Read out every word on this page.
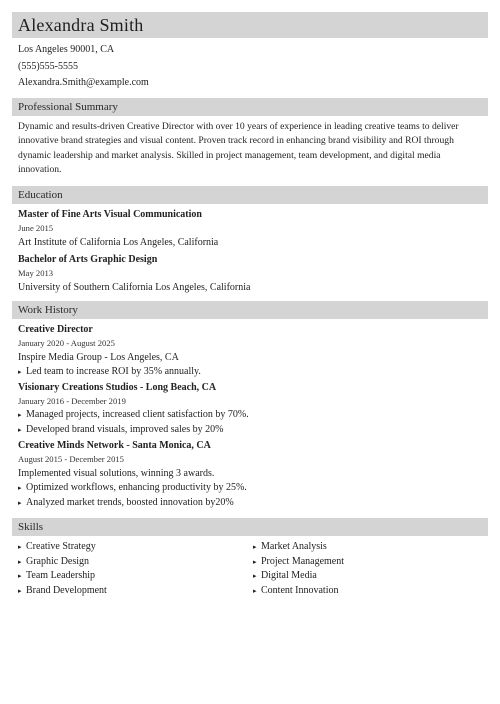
Alexandra Smith
Los Angeles 90001, CA
(555)555-5555
Alexandra.Smith@example.com
Professional Summary

Dynamic and results-driven Creative Director with over 10 years of experience in leading creative teams to deliver innovative brand strategies and visual content. Proven track record in enhancing brand visibility and ROI through dynamic leadership and market analysis. Skilled in project management, team development, and digital media innovation.

Education
Master of Fine Arts Visual Communication
June 2015
Art Institute of California Los Angeles, California
Bachelor of Arts Graphic Design
May 2013
University of Southern California Los Angeles, California
Work History
Creative Director
January 2020 - August 2025
Inspire Media Group - Los Angeles, CA
▸ Led team to increase ROI by 35% annually.
Visionary Creations Studios - Long Beach, CA
January 2016 - December 2019
▸ Managed projects, increased client satisfaction by 70%.
▸ Developed brand visuals, improved sales by 20%
Creative Minds Network - Santa Monica, CA
August 2015 - December 2015
Implemented visual solutions, winning 3 awards.
▸ Optimized workflows, enhancing productivity by 25%.
▸ Analyzed market trends, boosted innovation by20%
Skills
▸ Creative Strategy
▸ Graphic Design
▸ Team Leadership
▸ Brand Development
▸ Market Analysis
▸ Project Management
▸ Digital Media
▸ Content Innovation
